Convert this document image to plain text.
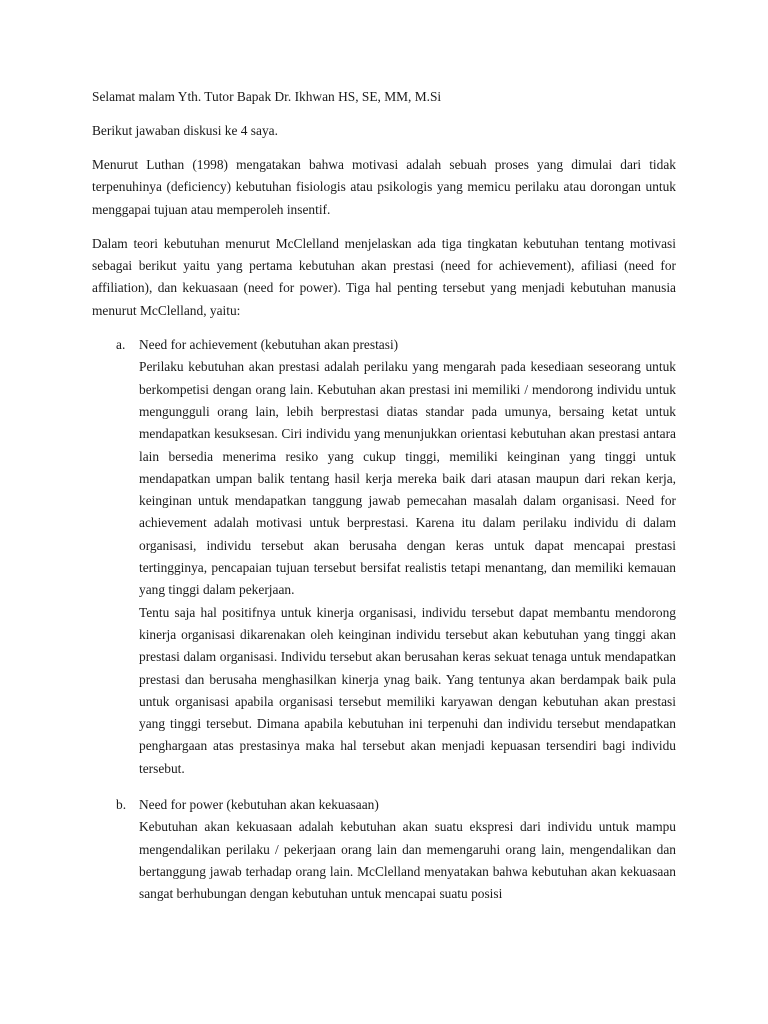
Selamat malam Yth. Tutor Bapak Dr. Ikhwan HS, SE, MM, M.Si

Berikut jawaban diskusi ke 4 saya.

Menurut Luthan (1998) mengatakan bahwa motivasi adalah sebuah proses yang dimulai dari tidak terpenuhinya (deficiency) kebutuhan fisiologis atau psikologis yang memicu perilaku atau dorongan untuk menggapai tujuan atau memperoleh insentif.

Dalam teori kebutuhan menurut McClelland menjelaskan ada tiga tingkatan kebutuhan tentang motivasi sebagai berikut yaitu yang pertama kebutuhan akan prestasi (need for achievement), afiliasi (need for affiliation), dan kekuasaan (need for power). Tiga hal penting tersebut yang menjadi kebutuhan manusia menurut McClelland, yaitu:

a. Need for achievement (kebutuhan akan prestasi)

Perilaku kebutuhan akan prestasi adalah perilaku yang mengarah pada kesediaan seseorang untuk berkompetisi dengan orang lain. Kebutuhan akan prestasi ini memiliki / mendorong individu untuk mengungguli orang lain, lebih berprestasi diatas standar pada umunya, bersaing ketat untuk mendapatkan kesuksesan. Ciri individu yang menunjukkan orientasi kebutuhan akan prestasi antara lain bersedia menerima resiko yang cukup tinggi, memiliki keinginan yang tinggi untuk mendapatkan umpan balik tentang hasil kerja mereka baik dari atasan maupun dari rekan kerja, keinginan untuk mendapatkan tanggung jawab pemecahan masalah dalam organisasi. Need for achievement adalah motivasi untuk berprestasi. Karena itu dalam perilaku individu di dalam organisasi, individu tersebut akan berusaha dengan keras untuk dapat mencapai prestasi tertingginya, pencapaian tujuan tersebut bersifat realistis tetapi menantang, dan memiliki kemauan yang tinggi dalam pekerjaan.

Tentu saja hal positifnya untuk kinerja organisasi, individu tersebut dapat membantu mendorong kinerja organisasi dikarenakan oleh keinginan individu tersebut akan kebutuhan yang tinggi akan prestasi dalam organisasi. Individu tersebut akan berusahan keras sekuat tenaga untuk mendapatkan prestasi dan berusaha menghasilkan kinerja ynag baik. Yang tentunya akan berdampak baik pula untuk organisasi apabila organisasi tersebut memiliki karyawan dengan kebutuhan akan prestasi yang tinggi tersebut. Dimana apabila kebutuhan ini terpenuhi dan individu tersebut mendapatkan penghargaan atas prestasinya maka hal tersebut akan menjadi kepuasan tersendiri bagi individu tersebut.

b. Need for power (kebutuhan akan kekuasaan)

Kebutuhan akan kekuasaan adalah kebutuhan akan suatu ekspresi dari individu untuk mampu mengendalikan perilaku / pekerjaan orang lain dan memengaruhi orang lain, mengendalikan dan bertanggung jawab terhadap orang lain. McClelland menyatakan bahwa kebutuhan akan kekuasaan sangat berhubungan dengan kebutuhan untuk mencapai suatu posisi
